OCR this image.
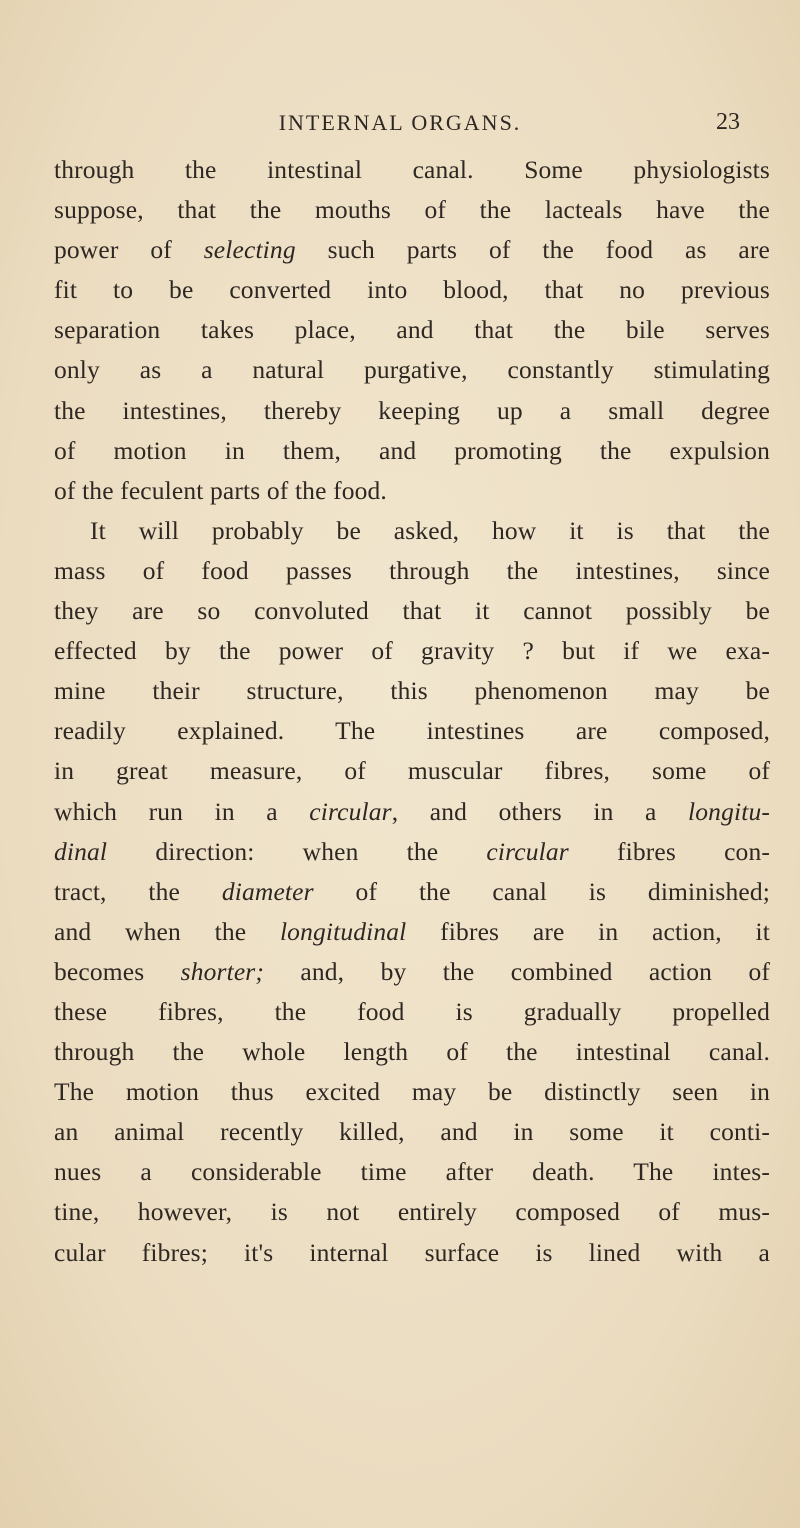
INTERNAL ORGANS.	23
through the intestinal canal. Some physiologists
suppose, that the mouths of the lacteals have the
power of selecting such parts of the food as are
fit to be converted into blood, that no previous
separation takes place, and that the bile serves
only as a natural purgative, constantly stimulating
the intestines, thereby keeping up a small degree
of motion in them, and promoting the expulsion
of the feculent parts of the food.
It will probably be asked, how it is that the
mass of food passes through the intestines, since
they are so convoluted that it cannot possibly be
effected by the power of gravity ? but if we exa-
mine their structure, this phenomenon may be
readily explained. The intestines are composed,
in great measure, of muscular fibres, some of
which run in a circular, and others in a longitu-
dinal direction: when the circular fibres con-
tract, the diameter of the canal is diminished;
and when the longitudinal fibres are in action, it
becomes shorter; and, by the combined action of
these fibres, the food is gradually propelled
through the whole length of the intestinal canal.
The motion thus excited may be distinctly seen in
an animal recently killed, and in some it conti-
nues a considerable time after death. The intes-
tine, however, is not entirely composed of mus-
cular fibres; it's internal surface is lined with a
